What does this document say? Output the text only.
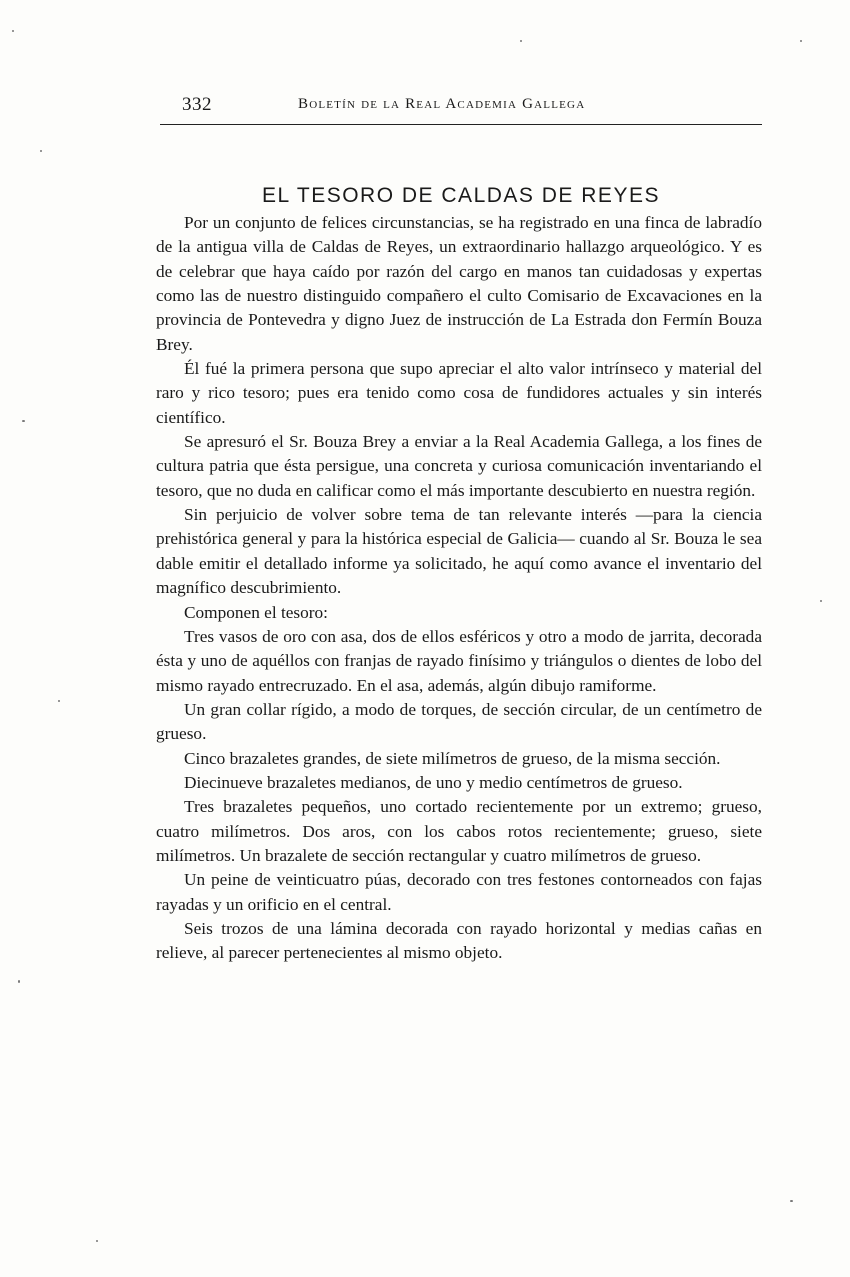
332	Boletín de la Real Academia Gallega
EL TESORO DE CALDAS DE REYES

Por un conjunto de felices circunstancias, se ha registrado en una finca de labradío de la antigua villa de Caldas de Reyes, un extraordinario hallazgo arqueológico. Y es de celebrar que haya caído por razón del cargo en manos tan cuidadosas y expertas como las de nuestro distinguido compañero el culto Comisario de Excavaciones en la provincia de Pontevedra y digno Juez de instrucción de La Estrada don Fermín Bouza Brey.

Él fué la primera persona que supo apreciar el alto valor intrínseco y material del raro y rico tesoro; pues era tenido como cosa de fundidores actuales y sin interés científico.

Se apresuró el Sr. Bouza Brey a enviar a la Real Academia Gallega, a los fines de cultura patria que ésta persigue, una concreta y curiosa comunicación inventariando el tesoro, que no duda en calificar como el más importante descubierto en nuestra región.

Sin perjuicio de volver sobre tema de tan relevante interés —para la ciencia prehistórica general y para la histórica especial de Galicia— cuando al Sr. Bouza le sea dable emitir el detallado informe ya solicitado, he aquí como avance el inventario del magnífico descubrimiento.

Componen el tesoro:

Tres vasos de oro con asa, dos de ellos esféricos y otro a modo de jarrita, decorada ésta y uno de aquéllos con franjas de rayado finísimo y triángulos o dientes de lobo del mismo rayado entrecruzado. En el asa, además, algún dibujo ramiforme.

Un gran collar rígido, a modo de torques, de sección circular, de un centímetro de grueso.

Cinco brazaletes grandes, de siete milímetros de grueso, de la misma sección.

Diecinueve brazaletes medianos, de uno y medio centímetros de grueso.

Tres brazaletes pequeños, uno cortado recientemente por un extremo; grueso, cuatro milímetros. Dos aros, con los cabos rotos recientemente; grueso, siete milímetros. Un brazalete de sección rectangular y cuatro milímetros de grueso.

Un peine de veinticuatro púas, decorado con tres festones contorneados con fajas rayadas y un orificio en el central.

Seis trozos de una lámina decorada con rayado horizontal y medias cañas en relieve, al parecer pertenecientes al mismo objeto.
